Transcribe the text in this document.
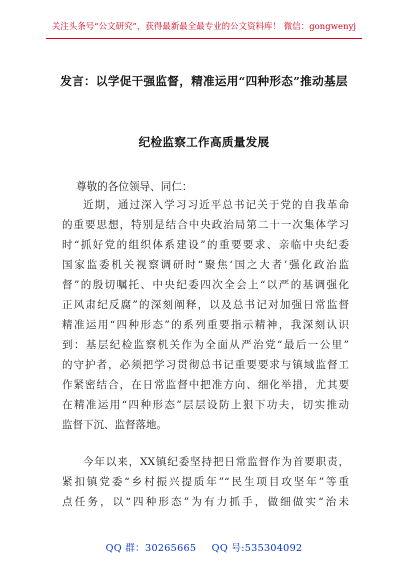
关注头条号“公文研究”，获得最新最全最专业的公文资料库！ 微信：gongwenyj
发言：以学促干强监督，精准运用“四种形态”推动基层
纪检监察工作高质量发展
尊敬的各位领导、同仁：
近期，通过深入学习习近平总书记关于党的自我革命
的重要思想，特别是结合中央政治局第二十一次集体学习
时“抓好党的组织体系建设”的重要要求、亲临中央纪委
国家监委机关视察调研时“聚焦‘国之大者’强化政治监
督”的殷切嘱托、中央纪委四次全会上“以严的基调强化
正风肃纪反腐”的深刻阐释，以及总书记对加强日常监督
精准运用“四种形态”的系列重要指示精神，我深刻认识
到：基层纪检监察机关作为全面从严治党“最后一公里”
的守护者，必须把学习贯彻总书记重要要求与镇域监督工
作紧密结合，在日常监督中把准方向、细化举措，尤其要
在精准运用“四种形态”层层设防上狠下功夫，切实推动
监督下沉、监督落地。
今年以来，XX镇纪委坚持把日常监督作为首要职责，
紧扣镇党委“乡村振兴提质年”“民生项目攻坚年”等重
点任务，以“四种形态”为有力抓手，做细做实“治未
QQ 群：30265665 QQ 号:535304092
